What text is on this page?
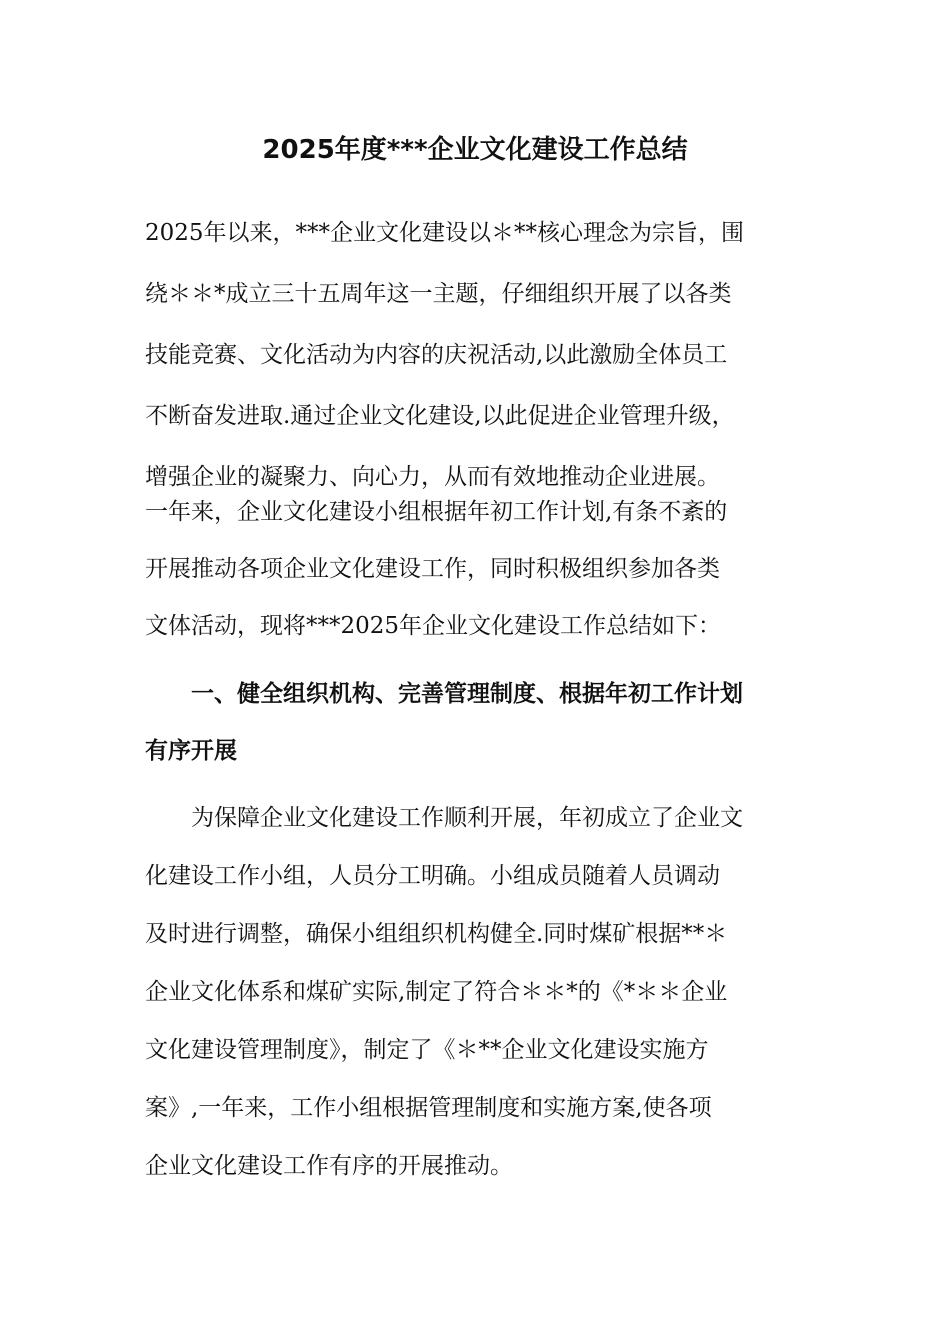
2025年度***企业文化建设工作总结
2025年以来，***企业文化建设以＊**核心理念为宗旨，围
绕＊＊*成立三十五周年这一主题，仔细组织开展了以各类
技能竞赛、文化活动为内容的庆祝活动,以此激励全体员工
不断奋发进取.通过企业文化建设,以此促进企业管理升级，
增强企业的凝聚力、向心力，从而有效地推动企业进展。
一年来，企业文化建设小组根据年初工作计划,有条不紊的
开展推动各项企业文化建设工作，同时积极组织参加各类
文体活动，现将***2025年企业文化建设工作总结如下：
一、健全组织机构、完善管理制度、根据年初工作计划
有序开展
为保障企业文化建设工作顺利开展，年初成立了企业文
化建设工作小组，人员分工明确。小组成员随着人员调动
及时进行调整，确保小组组织机构健全.同时煤矿根据**＊
企业文化体系和煤矿实际,制定了符合＊＊*的《*＊＊企业
文化建设管理制度》，制定了《＊**企业文化建设实施方
案》,一年来，工作小组根据管理制度和实施方案,使各项
企业文化建设工作有序的开展推动。
